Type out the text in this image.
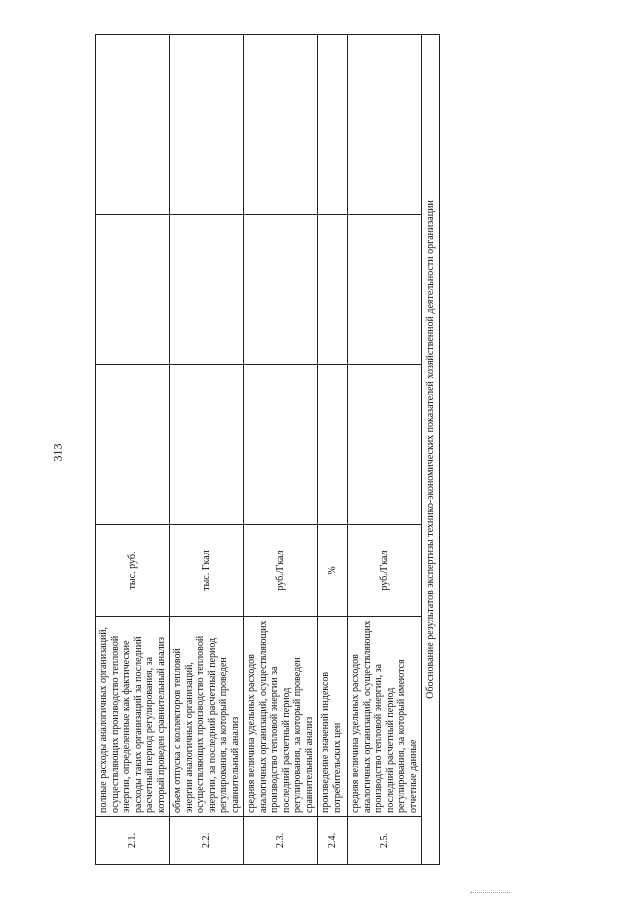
313
2.1.	полные расходы аналогичных организаций, осуществляющих производство тепловой энергии, определенные как фактические расходы таких организаций за последний расчетный период регулирования, за который проведен сравнительный анализ	тыс. руб.			
2.2.	объем отпуска с коллекторов тепловой энергии аналогичных организаций, осуществляющих производство тепловой энергии, за последний расчетный период регулирования, за который проведен сравнительный анализ	тыс. Гкал			
2.3.	средняя величина удельных расходов аналогичных организаций, осуществляющих производство тепловой энергии за последний расчетный период регулирования, за который проведен сравнительный анализ	руб./Гкал			
2.4.	произведение значений индексов потребительских цен	%			
2.5.	средняя величина удельных расходов аналогичных организаций, осуществляющих производство тепловой энергии, за последний расчетный период регулирования, за который имеются отчетные данные	руб./Гкал			
Обоснование результатов экспертизы технико-экономических показателей хозяйственной деятельности организации					
